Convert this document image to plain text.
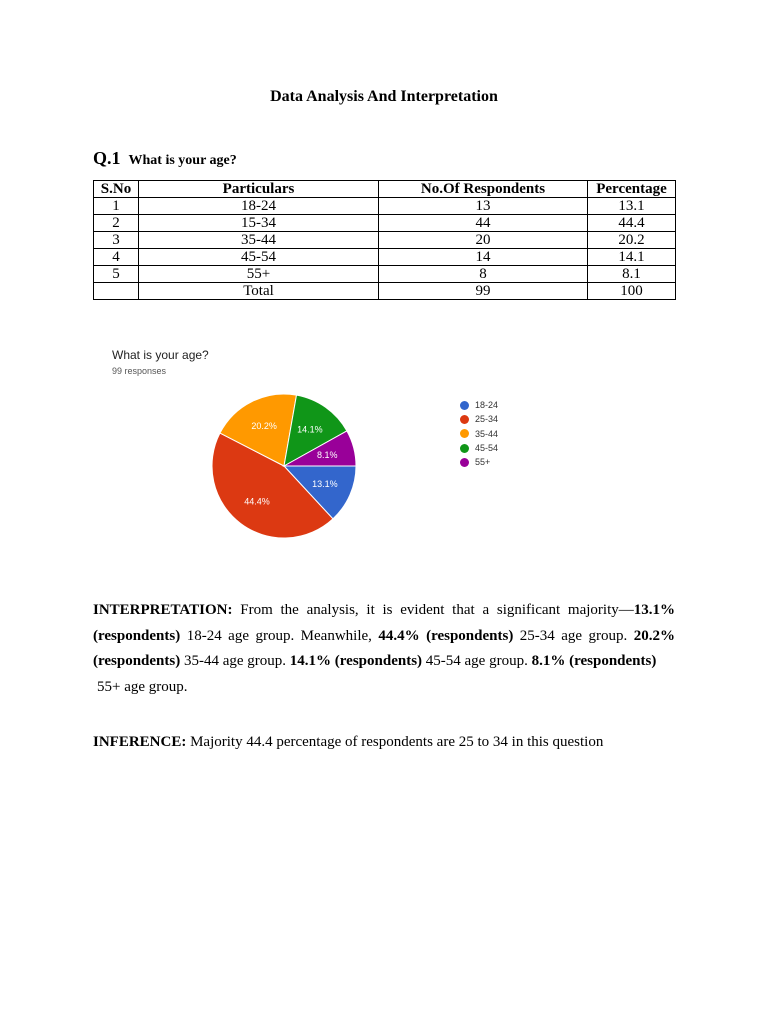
Data Analysis And Interpretation
Q.1 What is your age?
S.No	Particulars	No.Of Respondents	Percentage
1	18-24	13	13.1
2	15-34	44	44.4
3	35-44	20	20.2
4	45-54	14	14.1
5	55+	8	8.1
	Total	99	100
What is your age?
99 responses
13.1%
44.4%
20.2% 14.1%
8.1%
18-24
25-34
35-44
45-54
55+

INTERPRETATION: From the analysis, it is evident that a significant majority—13.1% (respondents) 18-24 age group. Meanwhile, 44.4% (respondents) 25-34 age group. 20.2% (respondents) 35-44 age group. 14.1% (respondents) 45-54 age group. 8.1% (respondents)

55+ age group.

INFERENCE: Majority 44.4 percentage of respondents are 25 to 34 in this question
